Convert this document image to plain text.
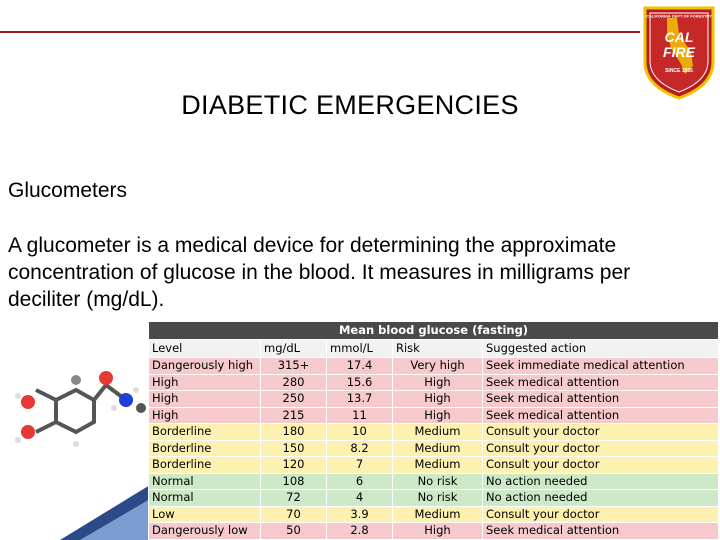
CALIFORNIA DEPT OF FORESTRY
CAL
FIRE
SINCE 1885
DIABETIC EMERGENCIES
Glucometers
A glucometer is a medical device for determining the approximate concentration of glucose in the blood. It measures in milligrams per deciliter (mg/dL).
Mean blood glucose (fasting)				
Level	mg/dL	mmol/L	Risk	Suggested action
Dangerously high	315+	17.4	Very high	Seek immediate medical attention
High	280	15.6	High	Seek medical attention
High	250	13.7	High	Seek medical attention
High	215	11	High	Seek medical attention
Borderline	180	10	Medium	Consult your doctor
Borderline	150	8.2	Medium	Consult your doctor
Borderline	120	7	Medium	Consult your doctor
Normal	108	6	No risk	No action needed
Normal	72	4	No risk	No action needed
Low	70	3.9	Medium	Consult your doctor
Dangerously low	50	2.8	High	Seek medical attention
